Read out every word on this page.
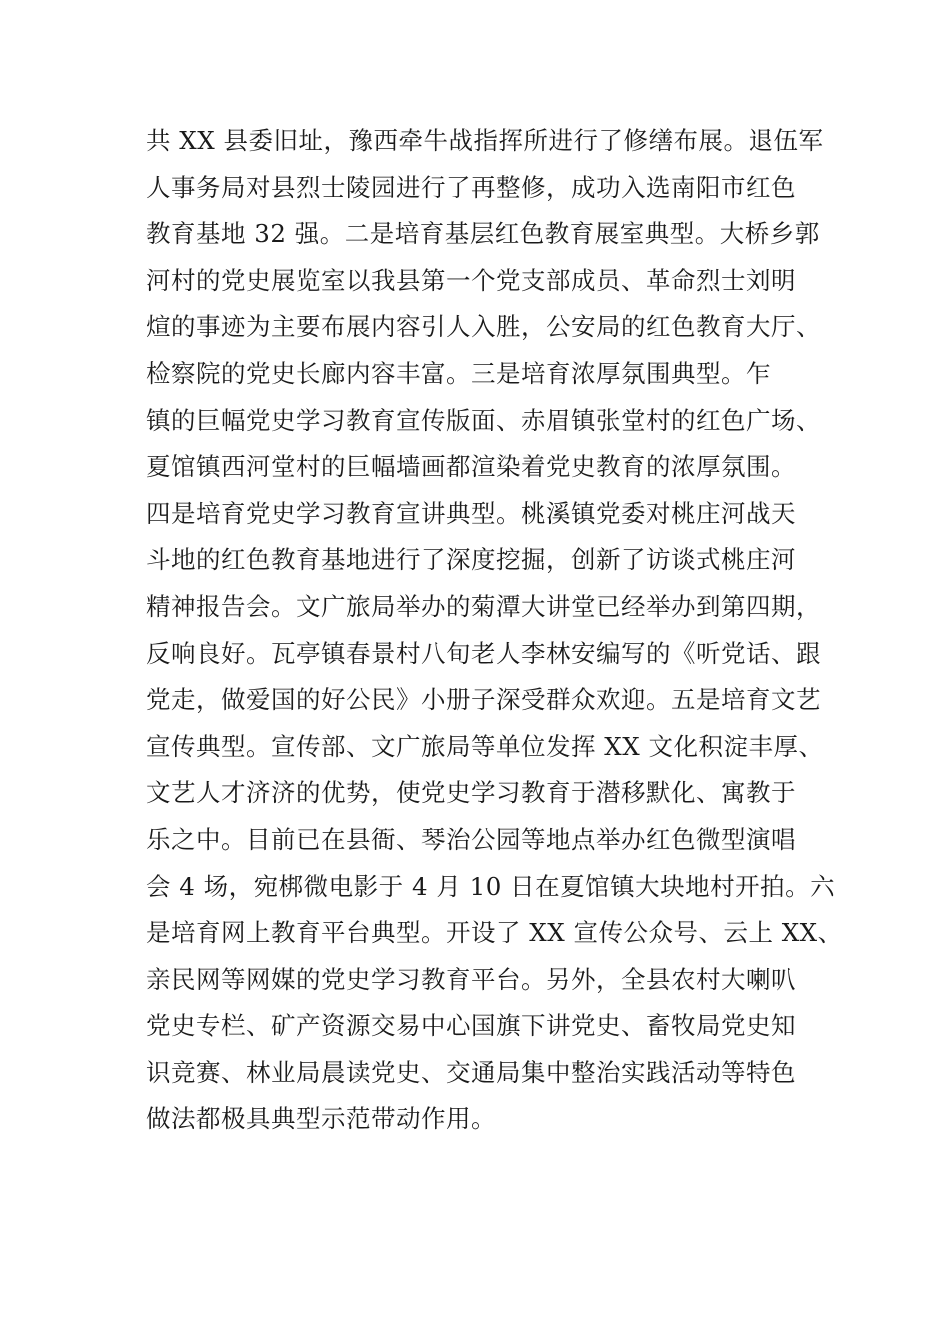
共 XX 县委旧址，豫西牵牛战指挥所进行了修缮布展。退伍军
人事务局对县烈士陵园进行了再整修，成功入选南阳市红色
教育基地 32 强。二是培育基层红色教育展室典型。大桥乡郭
河村的党史展览室以我县第一个党支部成员、革命烈士刘明
煊的事迹为主要布展内容引人入胜，公安局的红色教育大厅、
检察院的党史长廊内容丰富。三是培育浓厚氛围典型。乍
镇的巨幅党史学习教育宣传版面、赤眉镇张堂村的红色广场、
夏馆镇西河堂村的巨幅墙画都渲染着党史教育的浓厚氛围。
四是培育党史学习教育宣讲典型。桃溪镇党委对桃庄河战天
斗地的红色教育基地进行了深度挖掘，创新了访谈式桃庄河
精神报告会。文广旅局举办的菊潭大讲堂已经举办到第四期，
反响良好。瓦亭镇春景村八旬老人李林安编写的《听党话、跟
党走，做爱国的好公民》小册子深受群众欢迎。五是培育文艺
宣传典型。宣传部、文广旅局等单位发挥 XX 文化积淀丰厚、
文艺人才济济的优势，使党史学习教育于潜移默化、寓教于
乐之中。目前已在县衙、琴治公园等地点举办红色微型演唱
会 4 场，宛梆微电影于 4 月 10 日在夏馆镇大块地村开拍。六
是培育网上教育平台典型。开设了 XX 宣传公众号、云上 XX、
亲民网等网媒的党史学习教育平台。另外，全县农村大喇叭
党史专栏、矿产资源交易中心国旗下讲党史、畜牧局党史知
识竞赛、林业局晨读党史、交通局集中整治实践活动等特色
做法都极具典型示范带动作用。
